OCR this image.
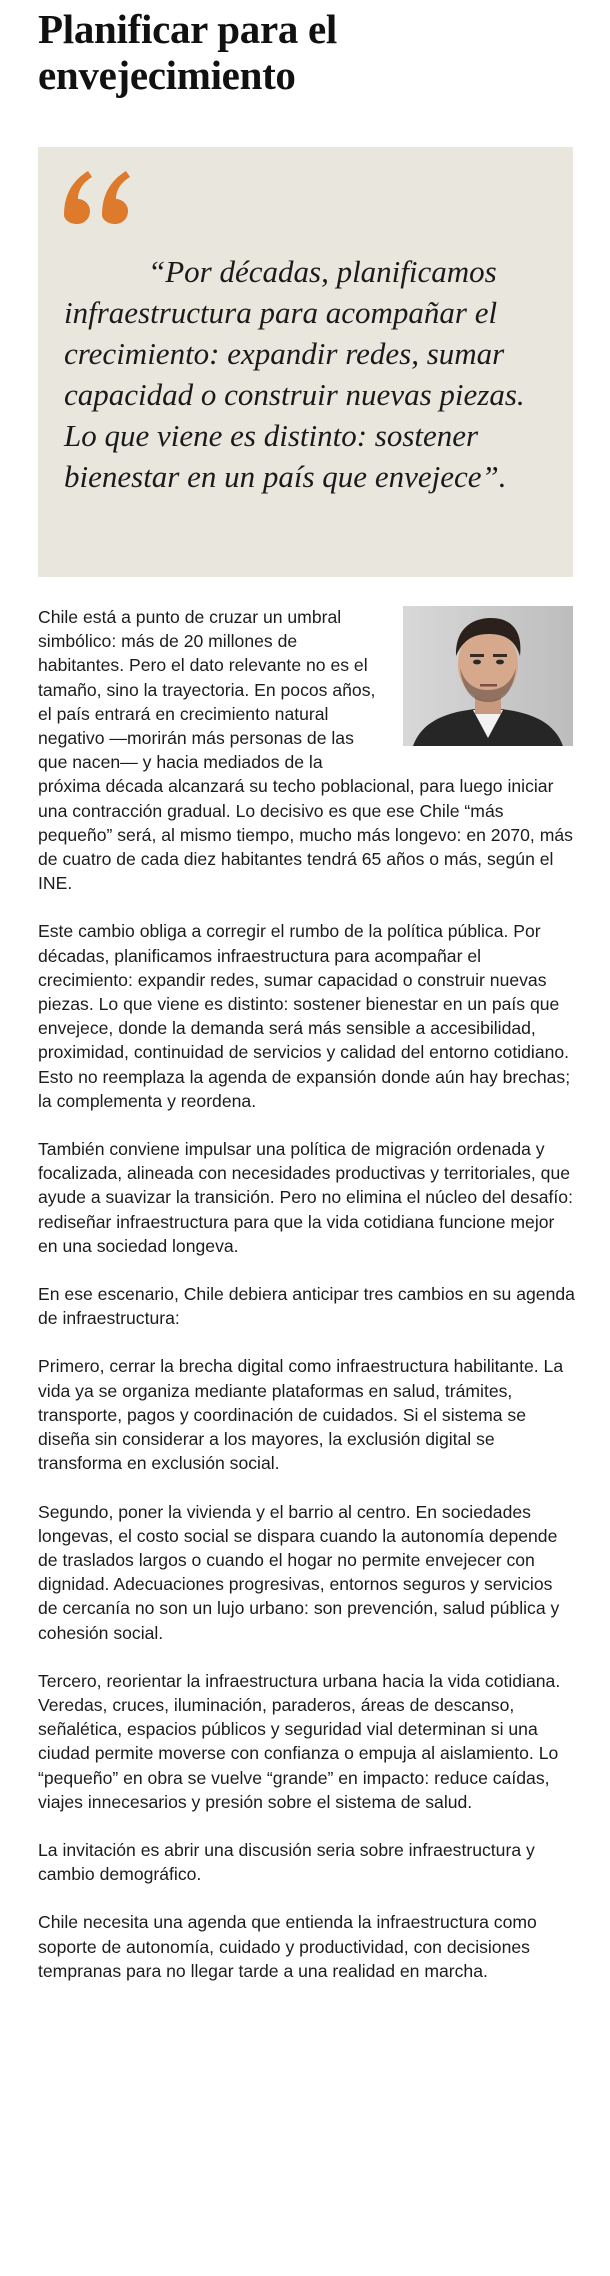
Planificar para el envejecimiento

“Por décadas, planificamos infraestructura para acompañar el crecimiento: expandir redes, sumar capacidad o construir nuevas piezas. Lo que viene es distinto: sostener bienestar en un país que envejece”.

Chile está a punto de cruzar un umbral simbólico: más de 20 millones de habitantes. Pero el dato relevante no es el tamaño, sino la trayectoria. En pocos años, el país entrará en crecimiento natural negativo —morirán más personas de las que nacen— y hacia mediados de la próxima década alcanzará su techo poblacional, para luego iniciar una contracción gradual. Lo decisivo es que ese Chile “más pequeño” será, al mismo tiempo, mucho más longevo: en 2070, más de cuatro de cada diez habitantes tendrá 65 años o más, según el INE.

Este cambio obliga a corregir el rumbo de la política pública. Por décadas, planificamos infraestructura para acompañar el crecimiento: expandir redes, sumar capacidad o construir nuevas piezas. Lo que viene es distinto: sostener bienestar en un país que envejece, donde la demanda será más sensible a accesibilidad, proximidad, continuidad de servicios y calidad del entorno cotidiano. Esto no reemplaza la agenda de expansión donde aún hay brechas; la complementa y reordena.

También conviene impulsar una política de migración ordenada y focalizada, alineada con necesidades productivas y territoriales, que ayude a suavizar la transición. Pero no elimina el núcleo del desafío: rediseñar infraestructura para que la vida cotidiana funcione mejor en una sociedad longeva.

En ese escenario, Chile debiera anticipar tres cambios en su agenda de infraestructura:

Primero, cerrar la brecha digital como infraestructura habilitante. La vida ya se organiza mediante plataformas en salud, trámites, transporte, pagos y coordinación de cuidados. Si el sistema se diseña sin considerar a los mayores, la exclusión digital se transforma en exclusión social.

Segundo, poner la vivienda y el barrio al centro. En sociedades longevas, el costo social se dispara cuando la autonomía depende de traslados largos o cuando el hogar no permite envejecer con dignidad. Adecuaciones progresivas, entornos seguros y servicios de cercanía no son un lujo urbano: son prevención, salud pública y cohesión social.

Tercero, reorientar la infraestructura urbana hacia la vida cotidiana. Veredas, cruces, iluminación, paraderos, áreas de descanso, señalética, espacios públicos y seguridad vial determinan si una ciudad permite moverse con confianza o empuja al aislamiento. Lo “pequeño” en obra se vuelve “grande” en impacto: reduce caídas, viajes innecesarios y presión sobre el sistema de salud.

La invitación es abrir una discusión seria sobre infraestructura y cambio demográfico.

Chile necesita una agenda que entienda la infraestructura como soporte de autonomía, cuidado y productividad, con decisiones tempranas para no llegar tarde a una realidad en marcha.
